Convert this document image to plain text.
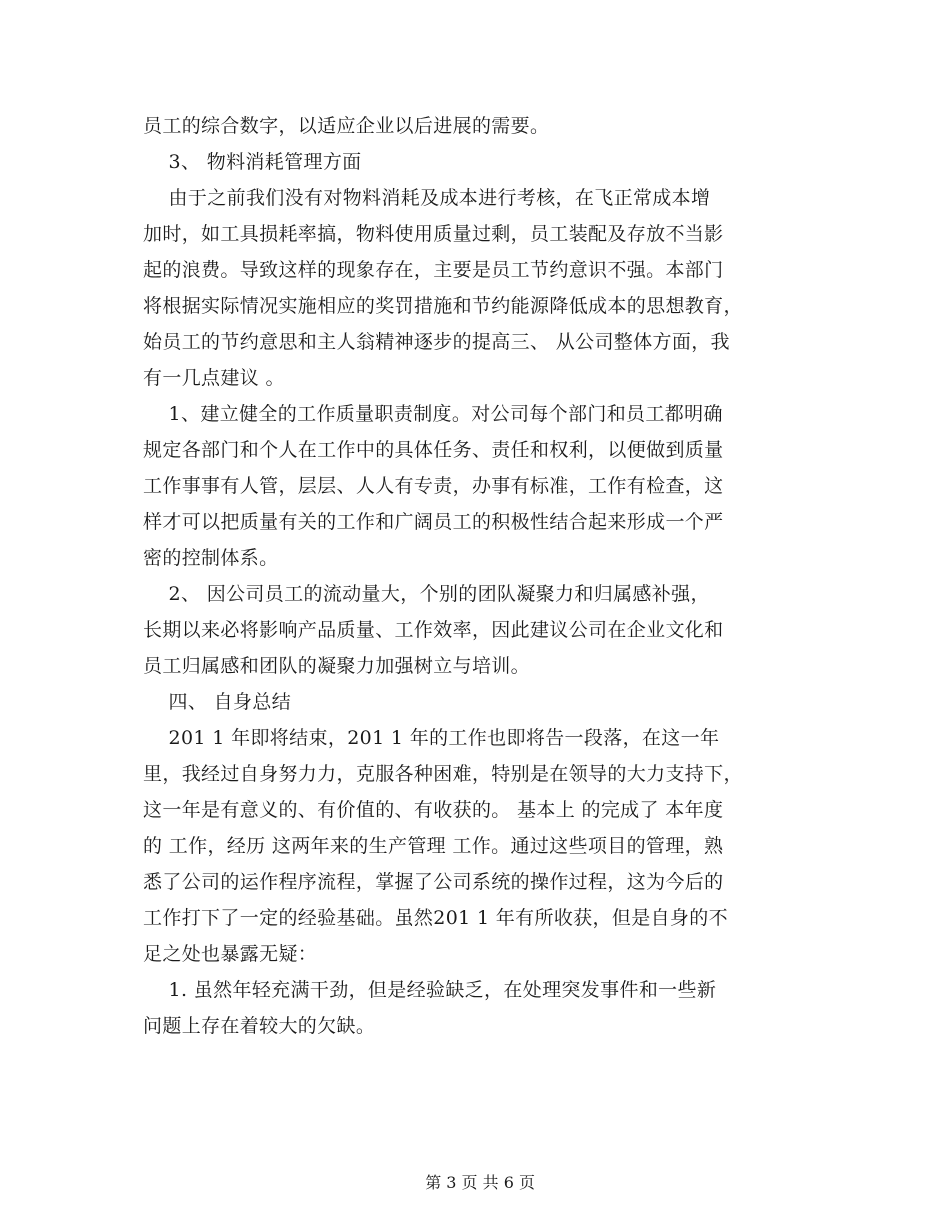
员工的综合数字，以适应企业以后进展的需要。
3、 物料消耗管理方面
由于之前我们没有对物料消耗及成本进行考核，在飞正常成本增
加时，如工具损耗率搞，物料使用质量过剩，员工装配及存放不当影
起的浪费。导致这样的现象存在，主要是员工节约意识不强。本部门
将根据实际情况实施相应的奖罚措施和节约能源降低成本的思想教育，
始员工的节约意思和主人翁精神逐步的提高三、 从公司整体方面，我
有一几点建议 。
1、建立健全的工作质量职责制度。对公司每个部门和员工都明确
规定各部门和个人在工作中的具体任务、责任和权利，以便做到质量
工作事事有人管，层层、人人有专责，办事有标准，工作有检查，这
样才可以把质量有关的工作和广阔员工的积极性结合起来形成一个严
密的控制体系。
2、 因公司员工的流动量大，个别的团队凝聚力和归属感补强，
长期以来必将影响产品质量、工作效率，因此建议公司在企业文化和
员工归属感和团队的凝聚力加强树立与培训。
四、 自身总结
201 1 年即将结束，201 1 年的工作也即将告一段落，在这一年
里，我经过自身努力力，克服各种困难，特别是在领导的大力支持下，
这一年是有意义的、有价值的、有收获的。 基本上 的完成了 本年度
的 工作，经历 这两年来的生产管理 工作。通过这些项目的管理，熟
悉了公司的运作程序流程，掌握了公司系统的操作过程，这为今后的
工作打下了一定的经验基础。虽然201 1 年有所收获，但是自身的不
足之处也暴露无疑：
1. 虽然年轻充满干劲，但是经验缺乏，在处理突发事件和一些新
问题上存在着较大的欠缺。

第 3 页 共 6 页
